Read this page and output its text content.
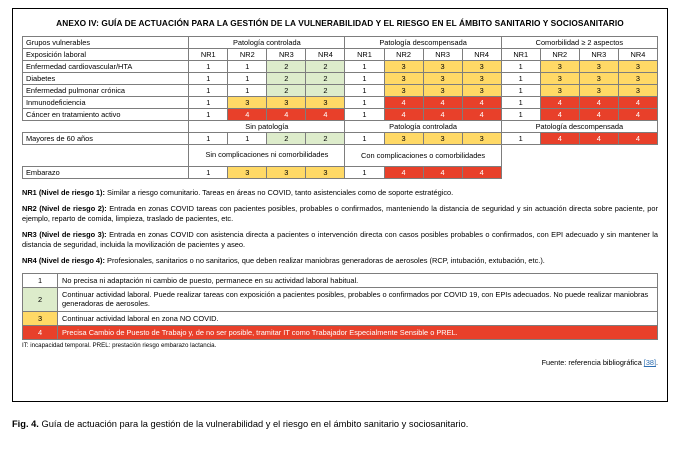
ANEXO IV: GUÍA DE ACTUACIÓN PARA LA GESTIÓN DE LA VULNERABILIDAD Y EL RIESGO EN EL ÁMBITO SANITARIO Y SOCIOSANITARIO
Grupos vulnerables	Patología controlada				Patología descompensada				Comorbilidad ≥ 2 aspectos			
Exposición laboral	NR1	NR2	NR3	NR4	NR1	NR2	NR3	NR4	NR1	NR2	NR3	NR4
Enfermedad cardiovascular/HTA	1	1	2	2	1	3	3	3	1	3	3	3
Diabetes	1	1	2	2	1	3	3	3	1	3	3	3
Enfermedad pulmonar crónica	1	1	2	2	1	3	3	3	1	3	3	3
Inmunodeficiencia	1	3	3	3	1	4	4	4	1	4	4	4
Cáncer en tratamiento activo	1	4	4	4	1	4	4	4	1	4	4	4
	Sin patología				Patología controlada				Patología descompensada			
Mayores de 60 años	1	1	2	2	1	3	3	3	1	4	4	4
	Sin complicaciones ni comorbilidades				Con complicaciones o comorbilidades							
Embarazo	1	3	3	3	1	4	4	4				
NR1 (Nivel de riesgo 1): Similar a riesgo comunitario. Tareas en áreas no COVID, tanto asistenciales como de soporte estratégico.
NR2 (Nivel de riesgo 2): Entrada en zonas COVID tareas con pacientes posibles, probables o confirmados, manteniendo la distancia de seguridad y sin actuación directa sobre paciente, por ejemplo, reparto de comida, limpieza, traslado de pacientes, etc.
NR3 (Nivel de riesgo 3): Entrada en zonas COVID con asistencia directa a pacientes o intervención directa con casos posibles probables o confirmados, con EPI adecuado y sin mantener la distancia de seguridad, incluida la movilización de pacientes y aseo.
NR4 (Nivel de riesgo 4): Profesionales, sanitarios o no sanitarios, que deben realizar maniobras generadoras de aerosoles (RCP, intubación, extubación, etc.).
1	No precisa ni adaptación ni cambio de puesto, permanece en su actividad laboral habitual.
2	Continuar actividad laboral. Puede realizar tareas con exposición a pacientes posibles, probables o confirmados por COVID 19, con EPIs adecuados. No puede realizar maniobras generadoras de aerosoles.
3	Continuar actividad laboral en zona NO COVID.
4	Precisa Cambio de Puesto de Trabajo y, de no ser posible, tramitar IT como Trabajador Especialmente Sensible o PREL.
IT: incapacidad temporal. PREL: prestación riesgo embarazo lactancia.
Fuente: referencia bibliográfica [38].
Fig. 4. Guía de actuación para la gestión de la vulnerabilidad y el riesgo en el ámbito sanitario y sociosanitario.
